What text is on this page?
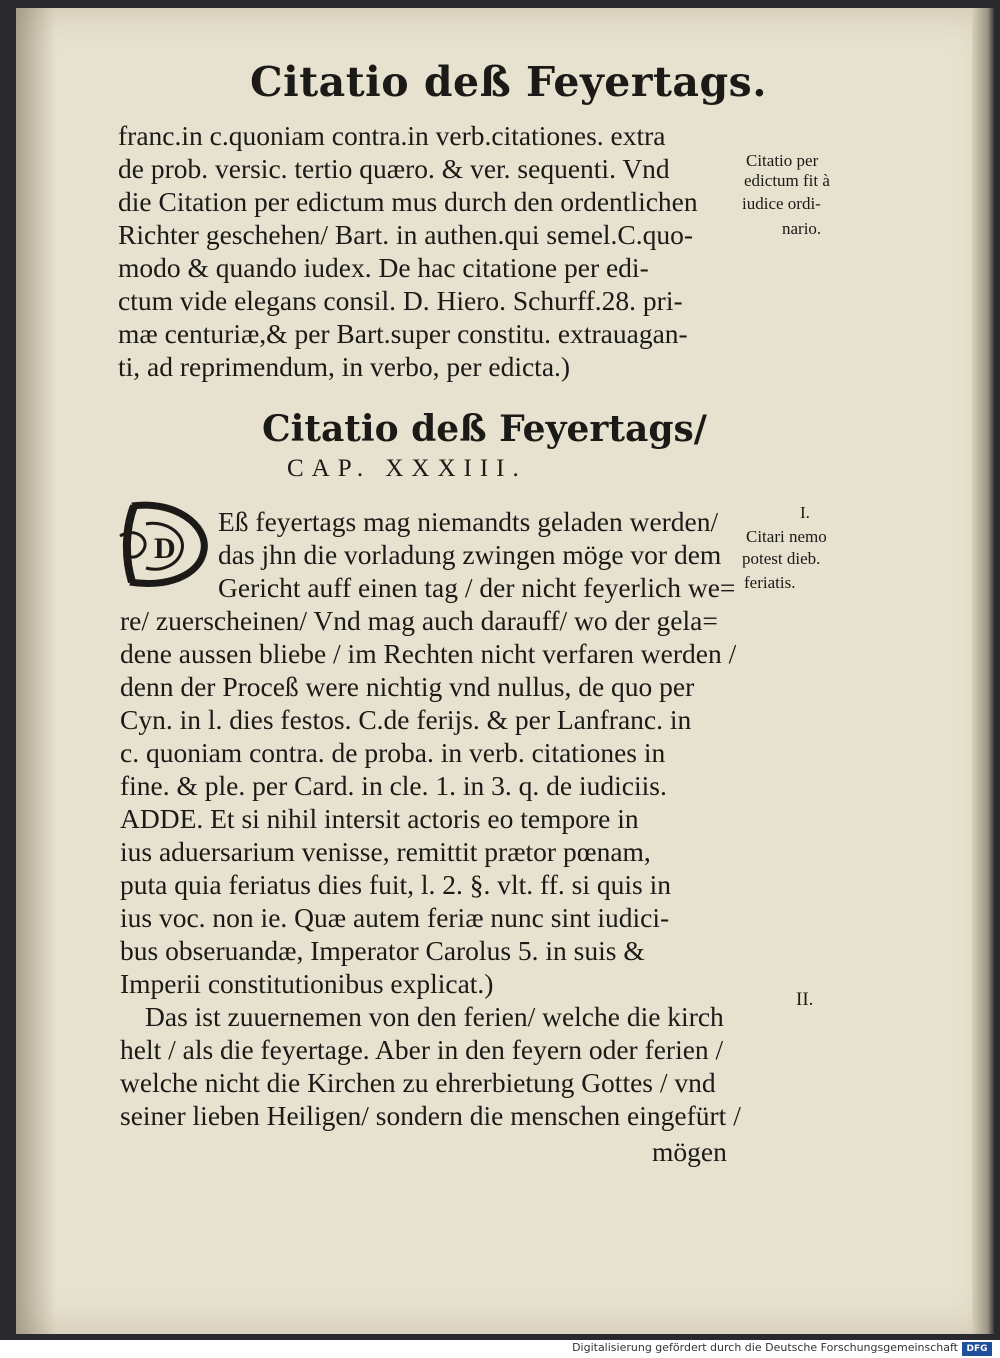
Citatio deß Feyertags.
franc.in c.quoniam contra.in verb.citationes. extra
de prob. versic. tertio quæro. & ver. sequenti. Vnd
die Citation per edictum mus durch den ordentlichen
Richter geschehen/ Bart. in authen.qui semel.C.quo-
modo & quando iudex. De hac citatione per edi-
ctum vide elegans consil. D. Hiero. Schurff.28. pri-
mæ centuriæ,& per Bart.super constitu. extrauagan-
ti, ad reprimendum, in verbo, per edicta.)
Citatio per
edictum fit à
iudice ordi-
nario.
Citatio deß Feyertags/
CAP. XXXIII.
D
Eß feyertags mag niemandts geladen werden/
das jhn die vorladung zwingen möge vor dem
Gericht auff einen tag / der nicht feyerlich we=
re/ zuerscheinen/ Vnd mag auch darauff/ wo der gela=
dene aussen bliebe / im Rechten nicht verfaren werden /
denn der Proceß were nichtig vnd nullus, de quo per
Cyn. in l. dies festos. C.de ferijs. & per Lanfranc. in
c. quoniam contra. de proba. in verb. citationes in
fine. & ple. per Card. in cle. 1. in 3. q. de iudiciis.
ADDE. Et si nihil intersit actoris eo tempore in
ius aduersarium venisse, remittit prætor pœnam,
puta quia feriatus dies fuit, l. 2. §. vlt. ff. si quis in
ius voc. non ie. Quæ autem feriæ nunc sint iudici-
bus obseruandæ, Imperator Carolus 5. in suis &
Imperii constitutionibus explicat.)
Das ist zuuernemen von den ferien/ welche die kirch
helt / als die feyertage. Aber in den feyern oder ferien /
welche nicht die Kirchen zu ehrerbietung Gottes / vnd
seiner lieben Heiligen/ sondern die menschen eingefürt /
mögen
I.
Citari nemo
potest dieb.
feriatis.
II.
Digitalisierung gefördert durch die Deutsche Forschungsgemeinschaft DFG
